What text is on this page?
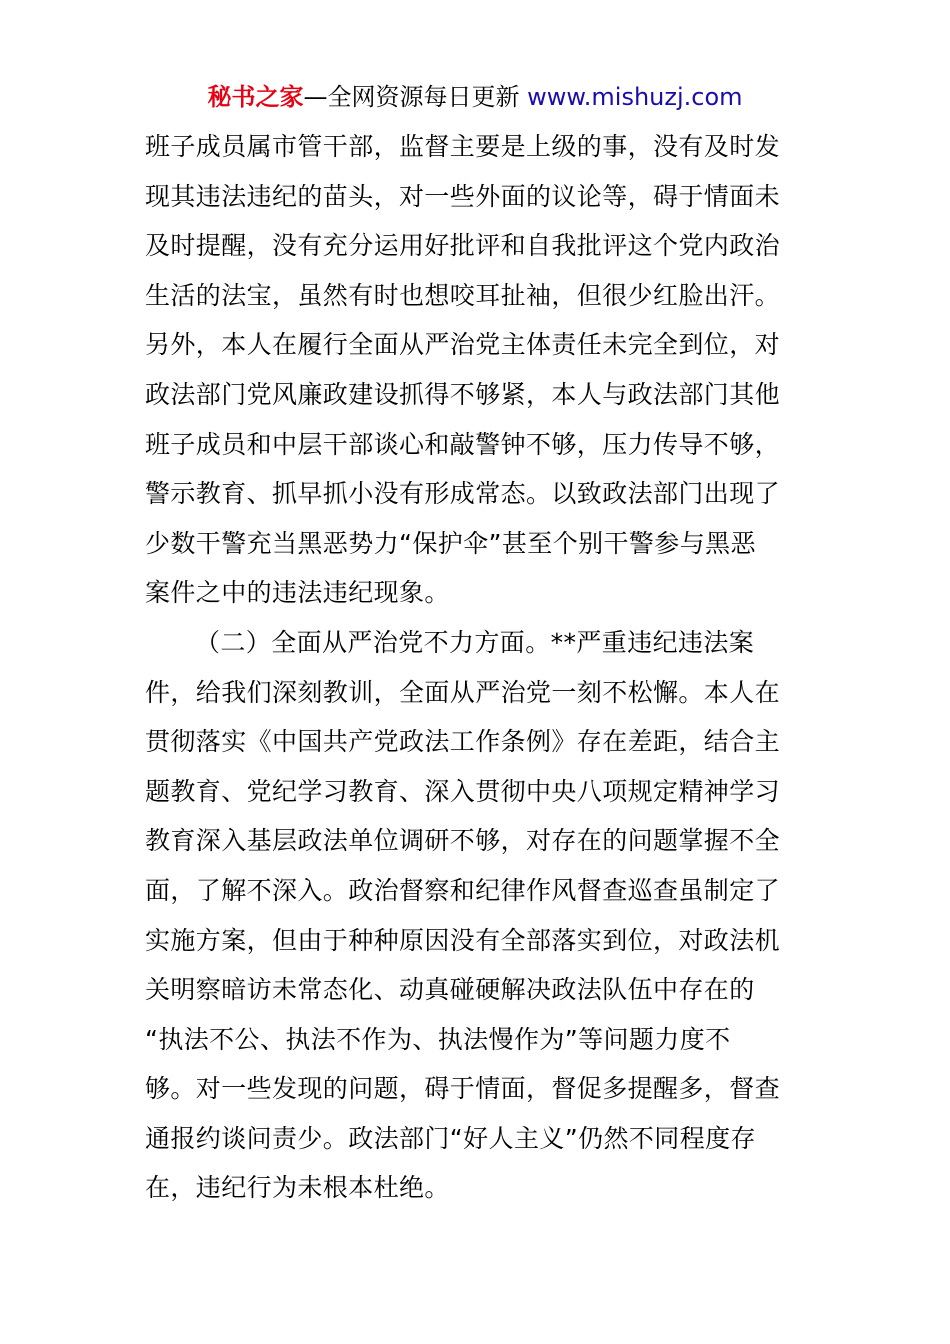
秘书之家—全网资源每日更新 www.mishuzj.com
班子成员属市管干部，监督主要是上级的事，没有及时发
现其违法违纪的苗头，对一些外面的议论等，碍于情面未
及时提醒，没有充分运用好批评和自我批评这个党内政治
生活的法宝，虽然有时也想咬耳扯袖，但很少红脸出汗。
另外，本人在履行全面从严治党主体责任未完全到位，对
政法部门党风廉政建设抓得不够紧，本人与政法部门其他
班子成员和中层干部谈心和敲警钟不够，压力传导不够，
警示教育、抓早抓小没有形成常态。以致政法部门出现了
少数干警充当黑恶势力“保护伞”甚至个别干警参与黑恶
案件之中的违法违纪现象。
（二）全面从严治党不力方面。**严重违纪违法案
件，给我们深刻教训，全面从严治党一刻不松懈。本人在
贯彻落实《中国共产党政法工作条例》存在差距，结合主
题教育、党纪学习教育、深入贯彻中央八项规定精神学习
教育深入基层政法单位调研不够，对存在的问题掌握不全
面，了解不深入。政治督察和纪律作风督查巡查虽制定了
实施方案，但由于种种原因没有全部落实到位，对政法机
关明察暗访未常态化、动真碰硬解决政法队伍中存在的
“执法不公、执法不作为、执法慢作为”等问题力度不
够。对一些发现的问题，碍于情面，督促多提醒多，督查
通报约谈问责少。政法部门“好人主义”仍然不同程度存
在，违纪行为未根本杜绝。
